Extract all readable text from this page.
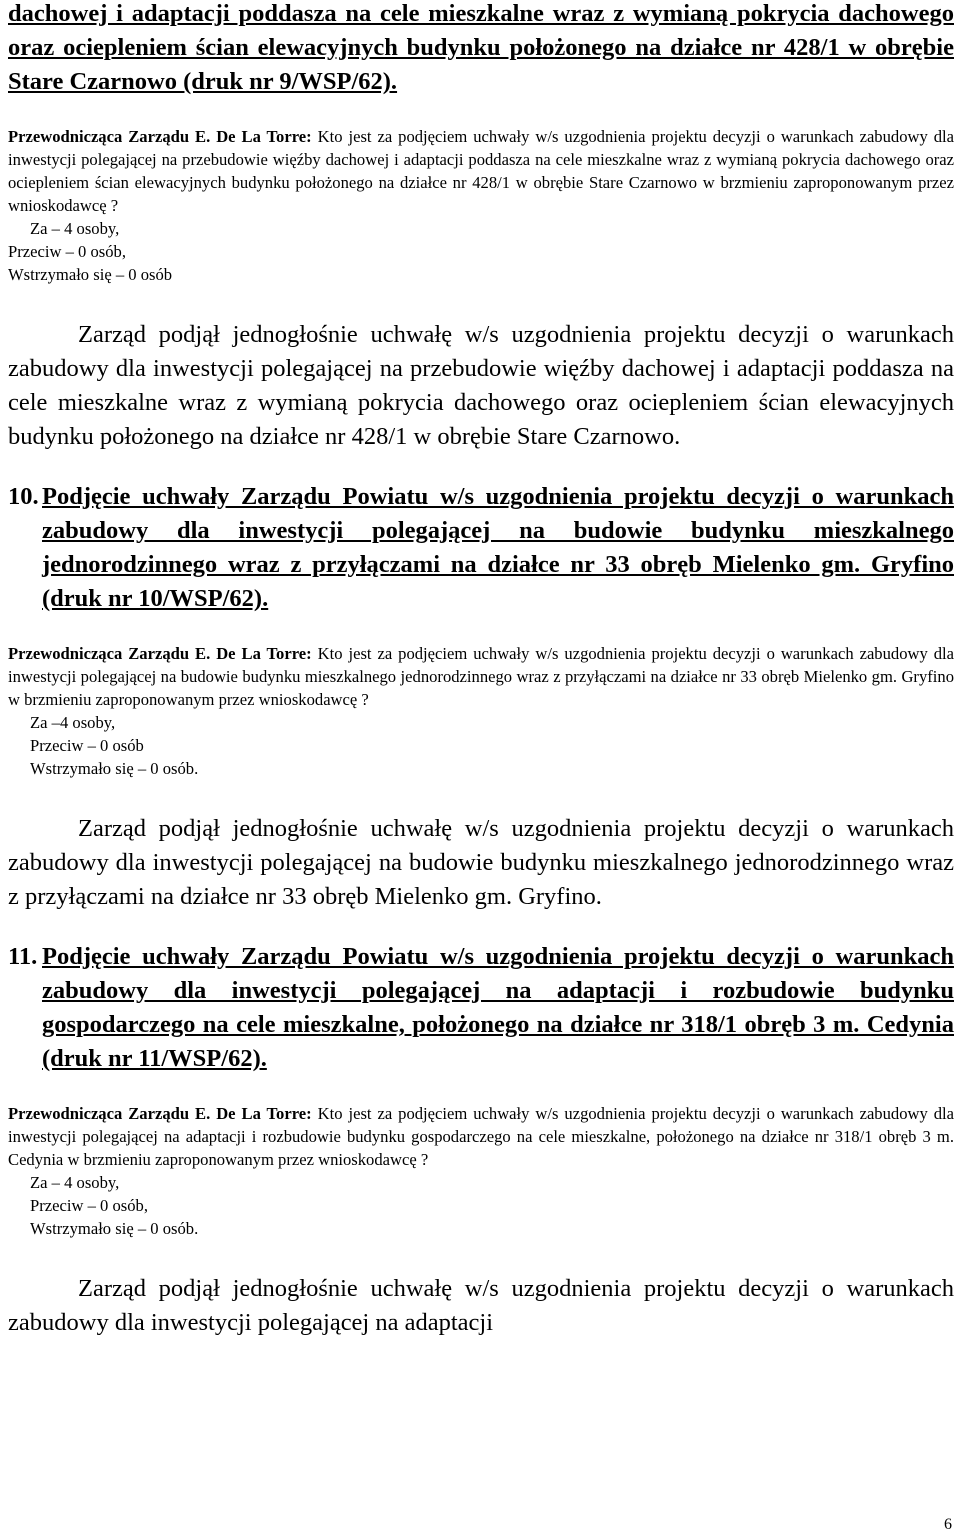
dachowej i adaptacji poddasza na cele mieszkalne wraz z wymianą pokrycia dachowego oraz ociepleniem ścian elewacyjnych budynku położonego na działce nr 428/1 w obrębie Stare Czarnowo (druk nr 9/WSP/62).

Przewodnicząca Zarządu E. De La Torre: Kto jest za podjęciem uchwały w/s uzgodnienia projektu decyzji o warunkach zabudowy dla inwestycji polegającej na przebudowie więźby dachowej i adaptacji poddasza na cele mieszkalne wraz z wymianą pokrycia dachowego oraz ociepleniem ścian elewacyjnych budynku położonego na działce nr 428/1 w obrębie Stare Czarnowo w brzmieniu zaproponowanym przez wnioskodawcę ?

Za – 4 osoby,

Przeciw – 0 osób,

Wstrzymało się – 0 osób

Zarząd podjął jednogłośnie uchwałę w/s uzgodnienia projektu decyzji o warunkach zabudowy dla inwestycji polegającej na przebudowie więźby dachowej i adaptacji poddasza na cele mieszkalne wraz z wymianą pokrycia dachowego oraz ociepleniem ścian elewacyjnych budynku położonego na działce nr 428/1 w obrębie Stare Czarnowo.

10. Podjęcie uchwały Zarządu Powiatu w/s uzgodnienia projektu decyzji o warunkach zabudowy dla inwestycji polegającej na budowie budynku mieszkalnego jednorodzinnego wraz z przyłączami na działce nr 33 obręb Mielenko gm. Gryfino (druk nr 10/WSP/62).

Przewodnicząca Zarządu E. De La Torre: Kto jest za podjęciem uchwały w/s uzgodnienia projektu decyzji o warunkach zabudowy dla inwestycji polegającej na budowie budynku mieszkalnego jednorodzinnego wraz z przyłączami na działce nr 33 obręb Mielenko gm. Gryfino w brzmieniu zaproponowanym przez wnioskodawcę ?

Za –4 osoby,

Przeciw – 0 osób

Wstrzymało się – 0 osób.

Zarząd podjął jednogłośnie uchwałę w/s uzgodnienia projektu decyzji o warunkach zabudowy dla inwestycji polegającej na budowie budynku mieszkalnego jednorodzinnego wraz z przyłączami na działce nr 33 obręb Mielenko gm. Gryfino.

11. Podjęcie uchwały Zarządu Powiatu w/s uzgodnienia projektu decyzji o warunkach zabudowy dla inwestycji polegającej na adaptacji i rozbudowie budynku gospodarczego na cele mieszkalne, położonego na działce nr 318/1 obręb 3 m. Cedynia (druk nr 11/WSP/62).

Przewodnicząca Zarządu E. De La Torre: Kto jest za podjęciem uchwały w/s uzgodnienia projektu decyzji o warunkach zabudowy dla inwestycji polegającej na adaptacji i rozbudowie budynku gospodarczego na cele mieszkalne, położonego na działce nr 318/1 obręb 3 m. Cedynia w brzmieniu zaproponowanym przez wnioskodawcę ?

Za – 4 osoby,

Przeciw – 0 osób,

Wstrzymało się – 0 osób.

Zarząd podjął jednogłośnie uchwałę w/s uzgodnienia projektu decyzji o warunkach zabudowy dla inwestycji polegającej na adaptacji

6
